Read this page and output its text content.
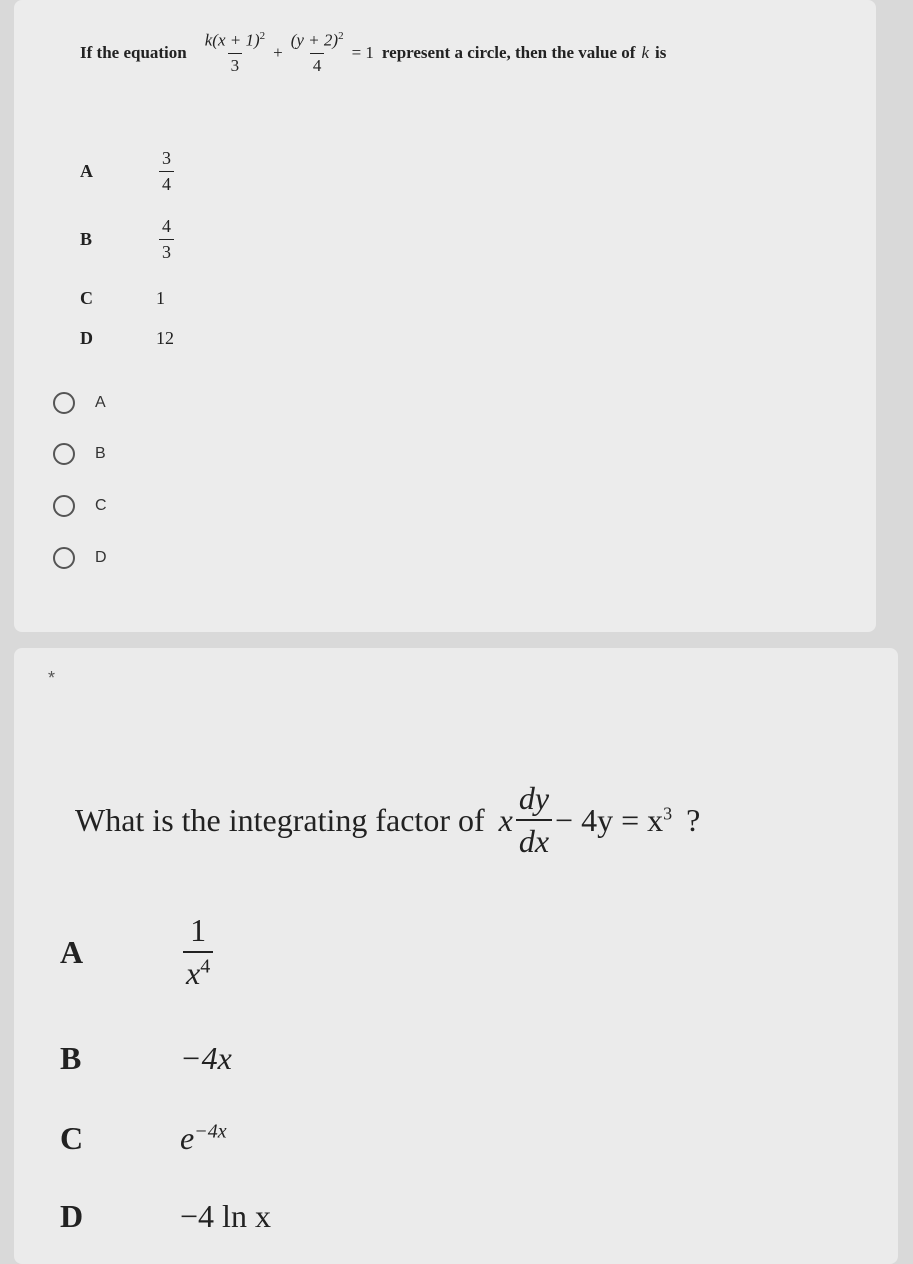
If the equation $\frac{k(x + 1)^2}{3} + \frac{(y + 2)^2}{4} = 1$ represent a circle, then the value of k is
A	$\frac{3}{4}$
B	$\frac{4}{3}$
C	1
D	12
A
B
C
D
*
What is the integrating factor of x $\frac{dy}{dx} - 4y = x^3$ ?
A	$\frac{1}{x^4}$
B	−4x
C	$e^{-4x}$
D	−4 ln x
